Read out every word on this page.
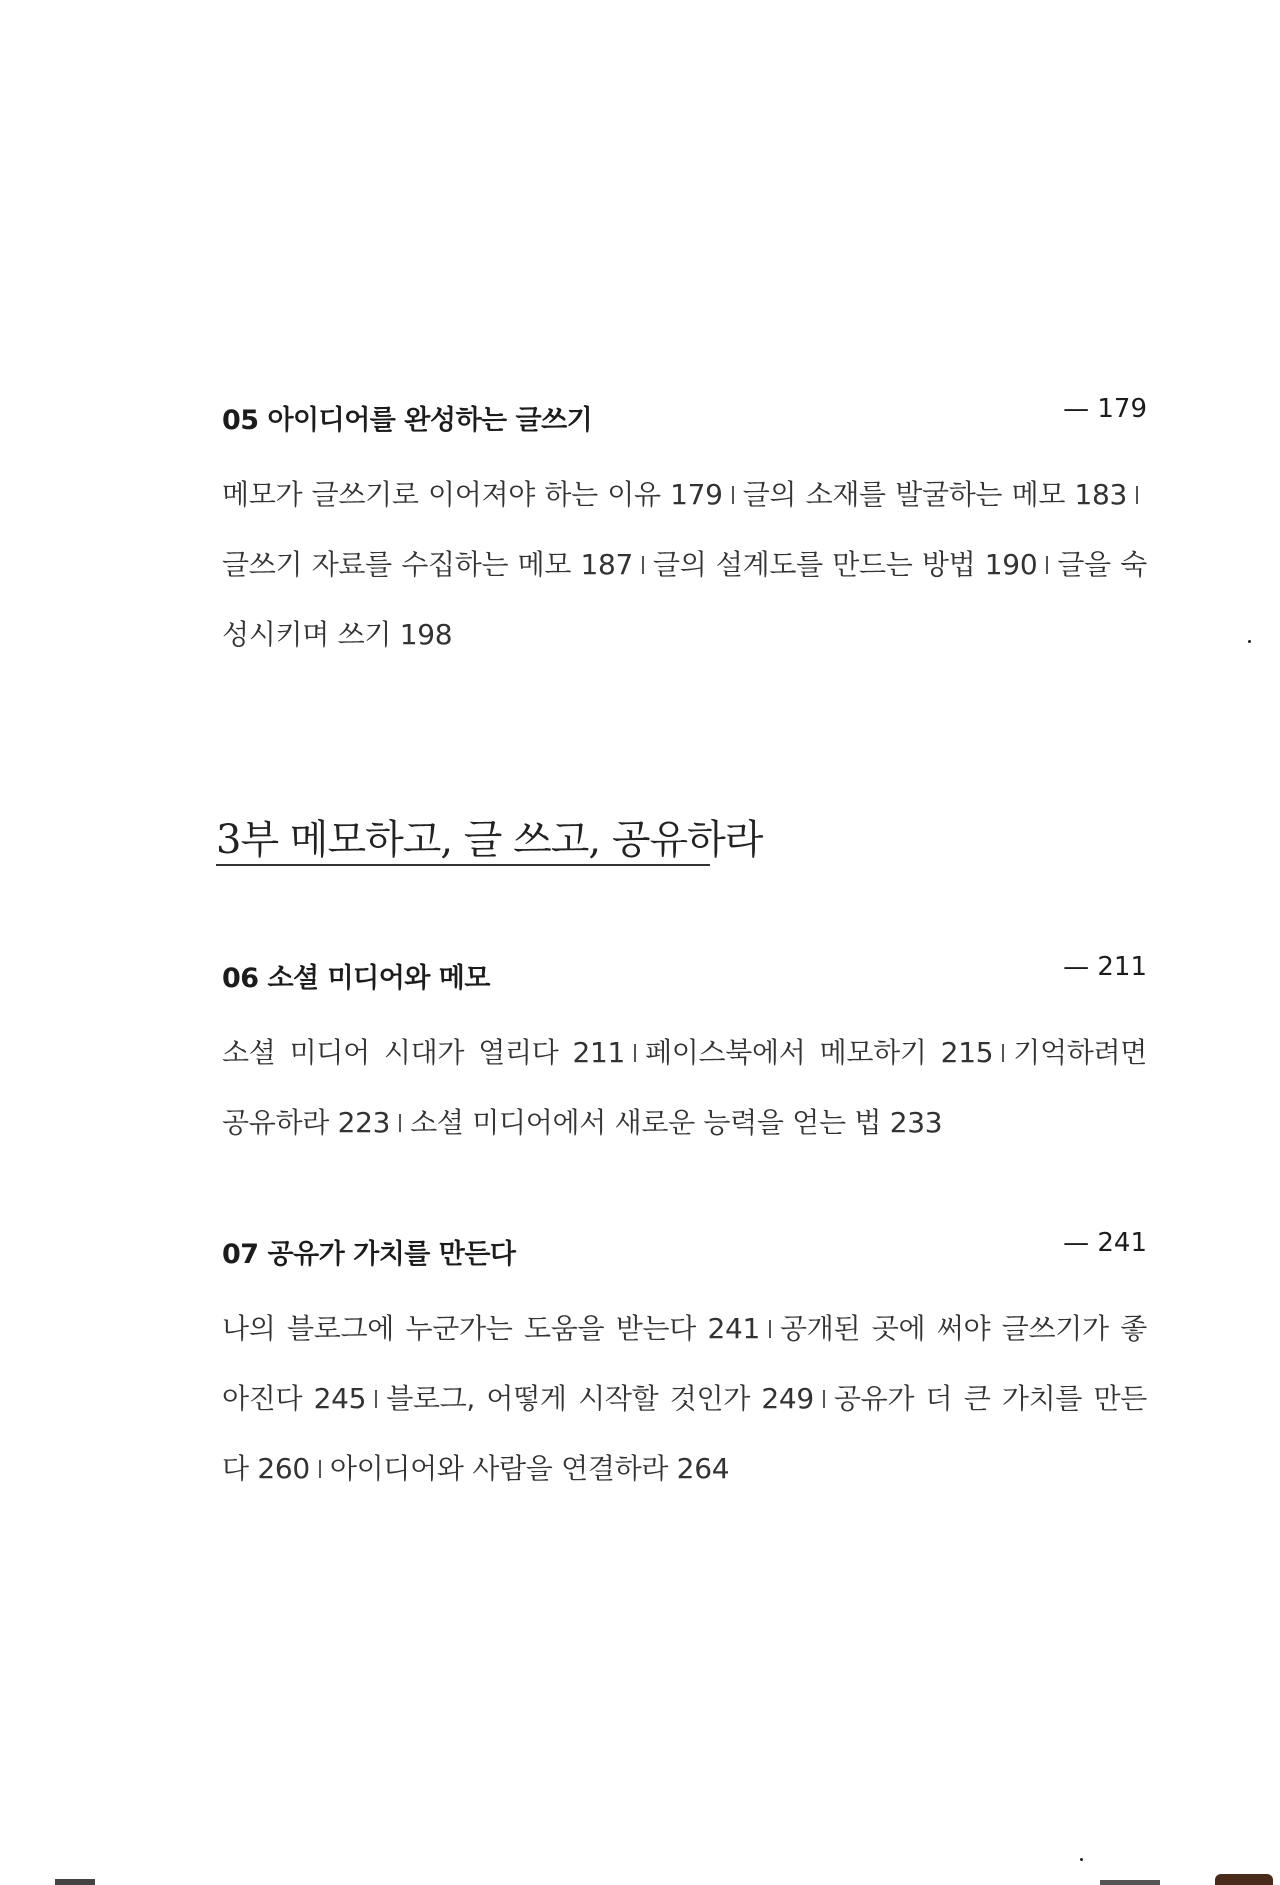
05 아이디어를 완성하는 글쓰기	— 179
메모가 글쓰기로 이어져야 하는 이유 179 글의 소재를 발굴하는 메모 183글쓰기 자료를 수집하는 메모 187 글의 설계도를 만드는 방법 190 글을 숙성시키며 쓰기 198
3부 메모하고, 글 쓰고, 공유하라
06 소셜 미디어와 메모	— 211
소셜 미디어 시대가 열리다 211 페이스북에서 메모하기 215 기억하려면 공유하라 223 소셜 미디어에서 새로운 능력을 얻는 법 233
07 공유가 가치를 만든다	— 241
나의 블로그에 누군가는 도움을 받는다 241 공개된 곳에 써야 글쓰기가 좋아진다 245 블로그, 어떻게 시작할 것인가 249 공유가 더 큰 가치를 만든다 260 아이디어와 사람을 연결하라 264
